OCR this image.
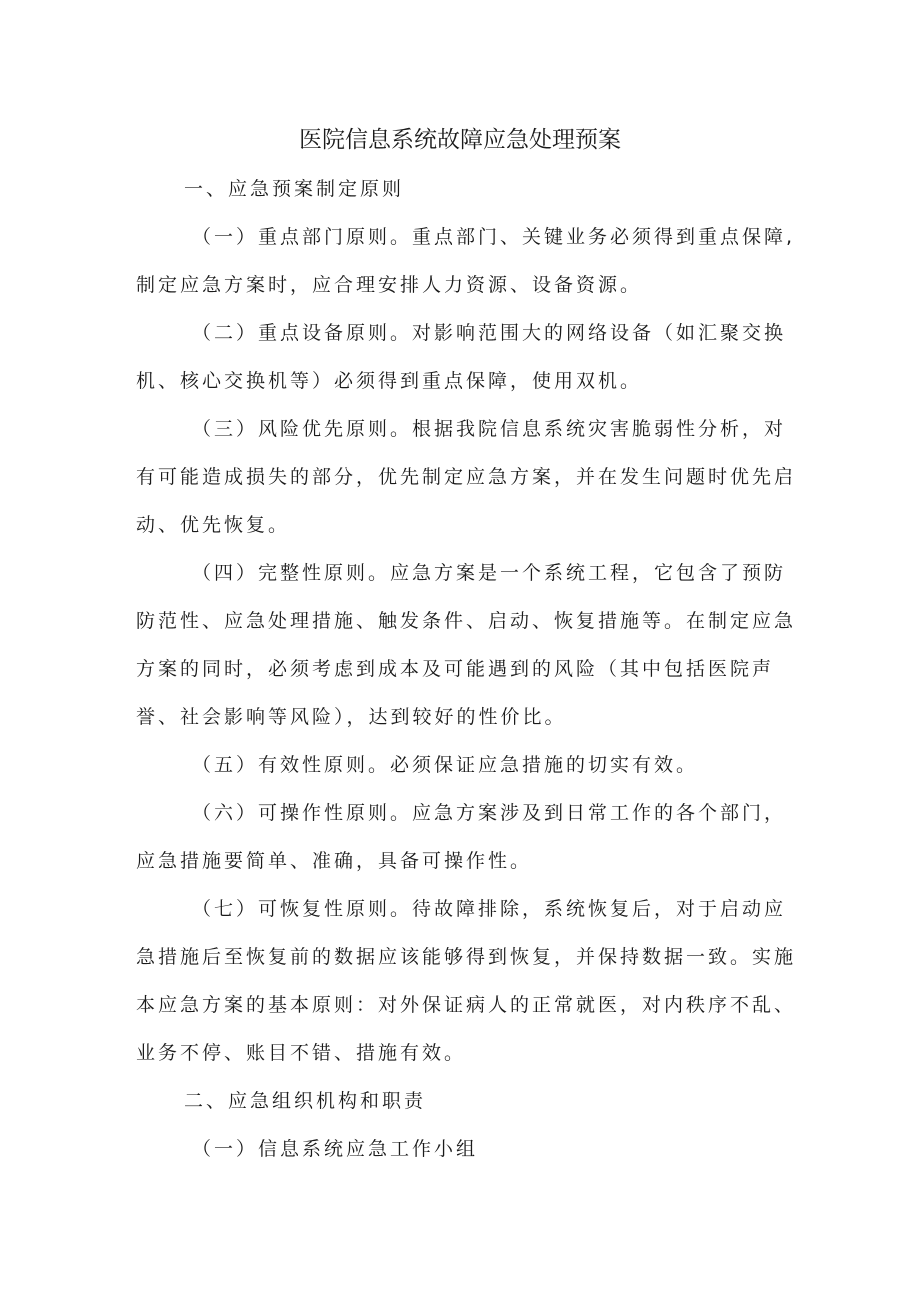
医院信息系统故障应急处理预案

一、应急预案制定原则

（一）重点部门原则。重点部门、关键业务必须得到重点保障,制定应急方案时，应合理安排人力资源、设备资源。

（二）重点设备原则。对影响范围大的网络设备（如汇聚交换机、核心交换机等）必须得到重点保障，使用双机。

（三）风险优先原则。根据我院信息系统灾害脆弱性分析，对有可能造成损失的部分，优先制定应急方案，并在发生问题时优先启动、优先恢复。

（四）完整性原则。应急方案是一个系统工程，它包含了预防防范性、应急处理措施、触发条件、启动、恢复措施等。在制定应急方案的同时，必须考虑到成本及可能遇到的风险（其中包括医院声誉、社会影响等风险），达到较好的性价比。

（五）有效性原则。必须保证应急措施的切实有效。

（六）可操作性原则。应急方案涉及到日常工作的各个部门，应急措施要简单、准确，具备可操作性。

（七）可恢复性原则。待故障排除，系统恢复后，对于启动应急措施后至恢复前的数据应该能够得到恢复，并保持数据一致。实施本应急方案的基本原则：对外保证病人的正常就医，对内秩序不乱、业务不停、账目不错、措施有效。

二、应急组织机构和职责

（一）信息系统应急工作小组
